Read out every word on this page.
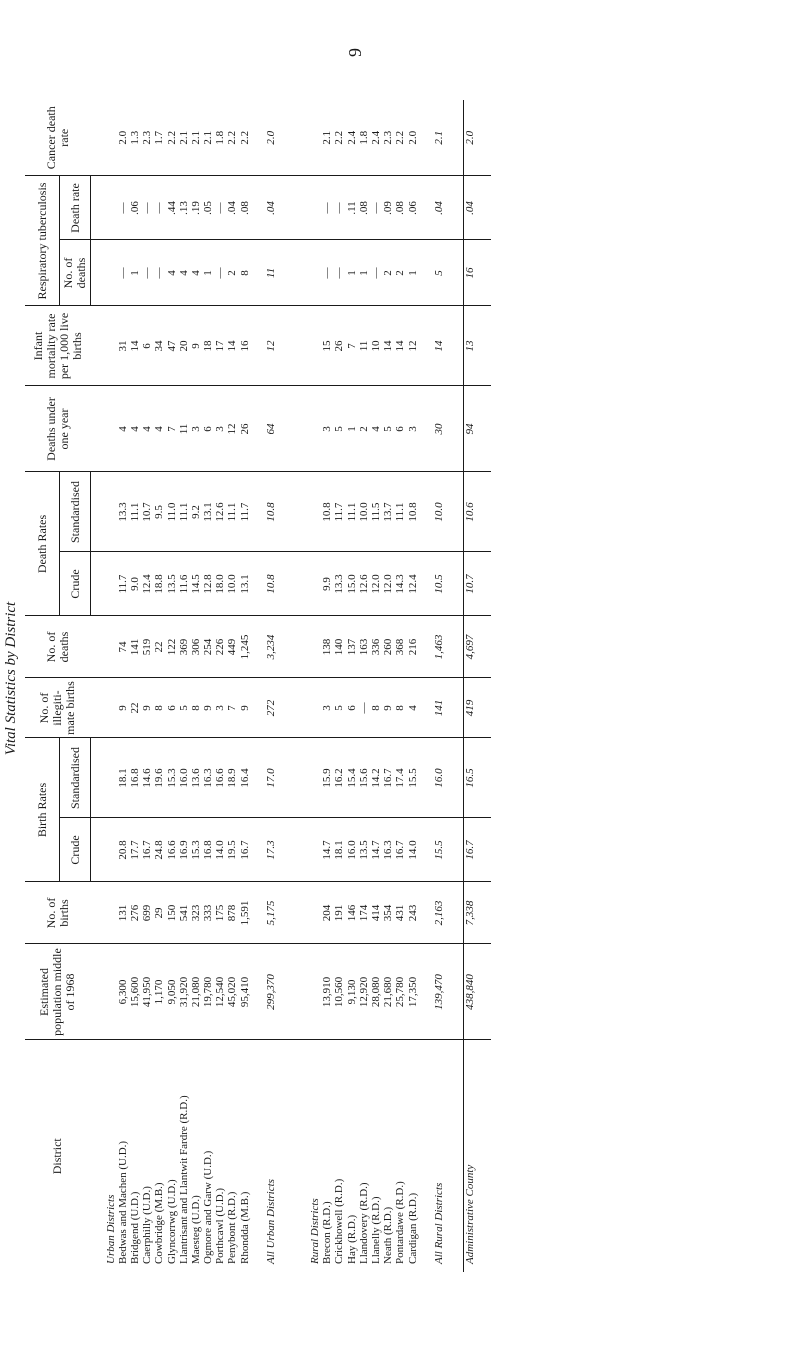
Vital Statistics by District
District	Estimated population middle of 1968	No. of births	Birth Rates		No. of illegiti-mate births	No. of deaths	Death Rates		Deaths under one year	Infant mortality rate per 1,000 live births	Respiratory tuberculosis		Cancer death rate
			Crude	Standardised			Crude	Standardised			No. of deaths	Death rate	

Urban Districts													
Bedwas and Machen (U.D.)	6,300	131	20.8	18.1	9	74	11.7	13.3	4	31	—	—	2.0
Bridgend (U.D.)	15,600	276	17.7	16.8	22	141	9.0	11.1	4	14	1	.06	1.3
Caerphilly (U.D.)	41,950	699	16.7	14.6	9	519	12.4	10.7	4	6	—	—	2.3
Cowbridge (M.B.)	1,170	29	24.8	19.6	8	22	18.8	9.5	4	34	—	—	1.7
Glyncorrwg (U.D.)	9,050	150	16.6	15.3	6	122	13.5	11.0	7	47	4	.44	2.2
Llantrisant and Llantwit Fardre (R.D.)	31,920	541	16.9	16.0	5	369	11.6	11.1	11	20	4	.13	2.1
Maesteg (U.D.)	21,080	323	15.3	13.6	8	306	14.5	9.2	3	9	4	.19	2.1
Ogmore and Garw (U.D.)	19,780	333	16.8	16.3	9	254	12.8	13.1	6	18	1	.05	2.1
Porthcawl (U.D.)	12,540	175	14.0	16.6	3	226	18.0	12.6	3	17	—	—	1.8
Penybont (R.D.)	45,020	878	19.5	18.9	7	449	10.0	11.1	12	14	2	.04	2.2
Rhondda (M.B.)	95,410	1,591	16.7	16.4	9	1,245	13.1	11.7	26	16	8	.08	2.2

All Urban Districts	299,370	5,175	17.3	17.0	272	3,234	10.8	10.8	64	12	11	.04	2.0

Rural Districts													
Brecon (R.D.)	13,910	204	14.7	15.9	3	138	9.9	10.8	3	15	—	—	2.1
Crickhowell (R.D.)	10,560	191	18.1	16.2	5	140	13.3	11.7	5	26	—	—	2.2
Hay (R.D.)	9,130	146	16.0	15.4	6	137	15.0	11.1	1	7	1	.11	2.4
Llandovery (R.D.)	12,920	174	13.5	15.6	—	163	12.6	10.0	2	11	1	.08	1.8
Llanelly (R.D.)	28,080	414	14.7	14.2	8	336	12.0	11.5	4	10	—	—	2.4
Neath (R.D.)	21,680	354	16.3	16.7	9	260	12.0	13.7	5	14	2	.09	2.3
Pontardawe (R.D.)	25,780	431	16.7	17.4	8	368	14.3	11.1	6	14	2	.08	2.2
Cardigan (R.D.)	17,350	243	14.0	15.5	4	216	12.4	10.8	3	12	1	.06	2.0

All Rural Districts	139,470	2,163	15.5	16.0	141	1,463	10.5	10.0	30	14	5	.04	2.1

Administrative County	438,840	7,338	16.7	16.5	419	4,697	10.7	10.6	94	13	16	.04	2.0

9
